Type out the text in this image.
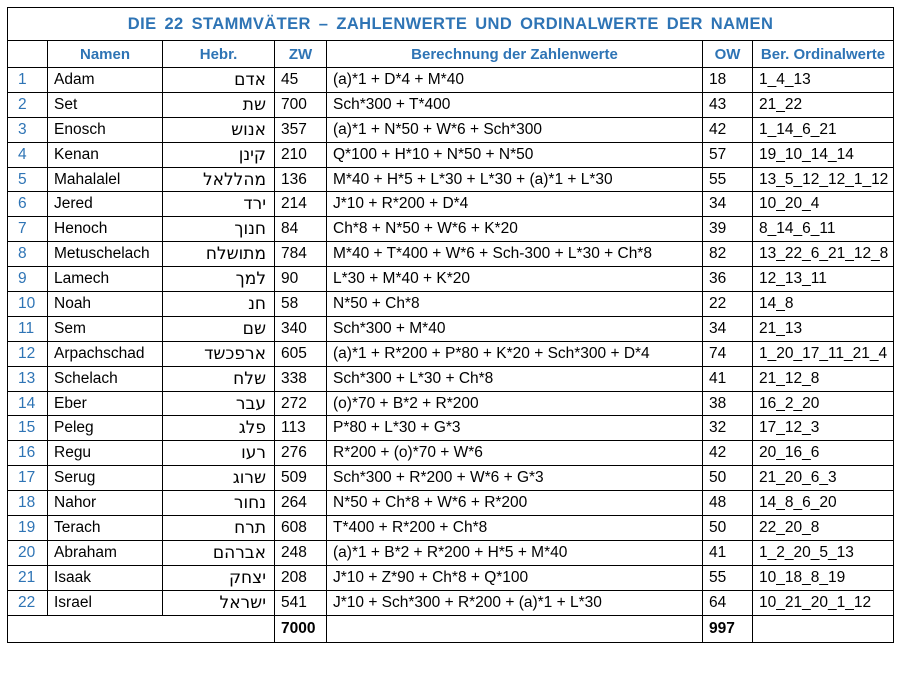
DIE 22 STAMMVÄTER – ZAHLENWERTE UND ORDINALWERTE DER NAMEN						
	Namen	Hebr.	ZW	Berechnung der Zahlenwerte	OW	Ber. Ordinalwerte
1	Adam	אדם	45	(a)*1 + D*4 + M*40	18	1_4_13
2	Set	שת	700	Sch*300 + T*400	43	21_22
3	Enosch	אנוש	357	(a)*1 + N*50 + W*6 + Sch*300	42	1_14_6_21
4	Kenan	קינן	210	Q*100 + H*10 + N*50 + N*50	57	19_10_14_14
5	Mahalalel	מהללאל	136	M*40 + H*5 + L*30 + L*30 + (a)*1 + L*30	55	13_5_12_12_1_12
6	Jered	ירד	214	J*10 + R*200 + D*4	34	10_20_4
7	Henoch	חנוך	84	Ch*8 + N*50 + W*6 + K*20	39	8_14_6_11
8	Metuschelach	מתושלח	784	M*40 + T*400 + W*6 + Sch-300 + L*30 + Ch*8	82	13_22_6_21_12_8
9	Lamech	למך	90	L*30 + M*40 + K*20	36	12_13_11
10	Noah	חנ	58	N*50 + Ch*8	22	14_8
11	Sem	שם	340	Sch*300 + M*40	34	21_13
12	Arpachschad	ארפכשד	605	(a)*1 + R*200 + P*80 + K*20 + Sch*300 + D*4	74	1_20_17_11_21_4
13	Schelach	שלח	338	Sch*300 + L*30 + Ch*8	41	21_12_8
14	Eber	עבר	272	(o)*70 + B*2 + R*200	38	16_2_20
15	Peleg	פלג	113	P*80 + L*30 + G*3	32	17_12_3
16	Regu	רעו	276	R*200 + (o)*70 + W*6	42	20_16_6
17	Serug	שרוג	509	Sch*300 + R*200 + W*6 + G*3	50	21_20_6_3
18	Nahor	נחור	264	N*50 + Ch*8 + W*6 + R*200	48	14_8_6_20
19	Terach	תרח	608	T*400 + R*200 + Ch*8	50	22_20_8
20	Abraham	אברהם	248	(a)*1 + B*2 + R*200 + H*5 + M*40	41	1_2_20_5_13
21	Isaak	יצחק	208	J*10 + Z*90 + Ch*8 + Q*100	55	10_18_8_19
22	Israel	ישראל	541	J*10 + Sch*300 + R*200 + (a)*1 + L*30	64	10_21_20_1_12
			7000		997	
